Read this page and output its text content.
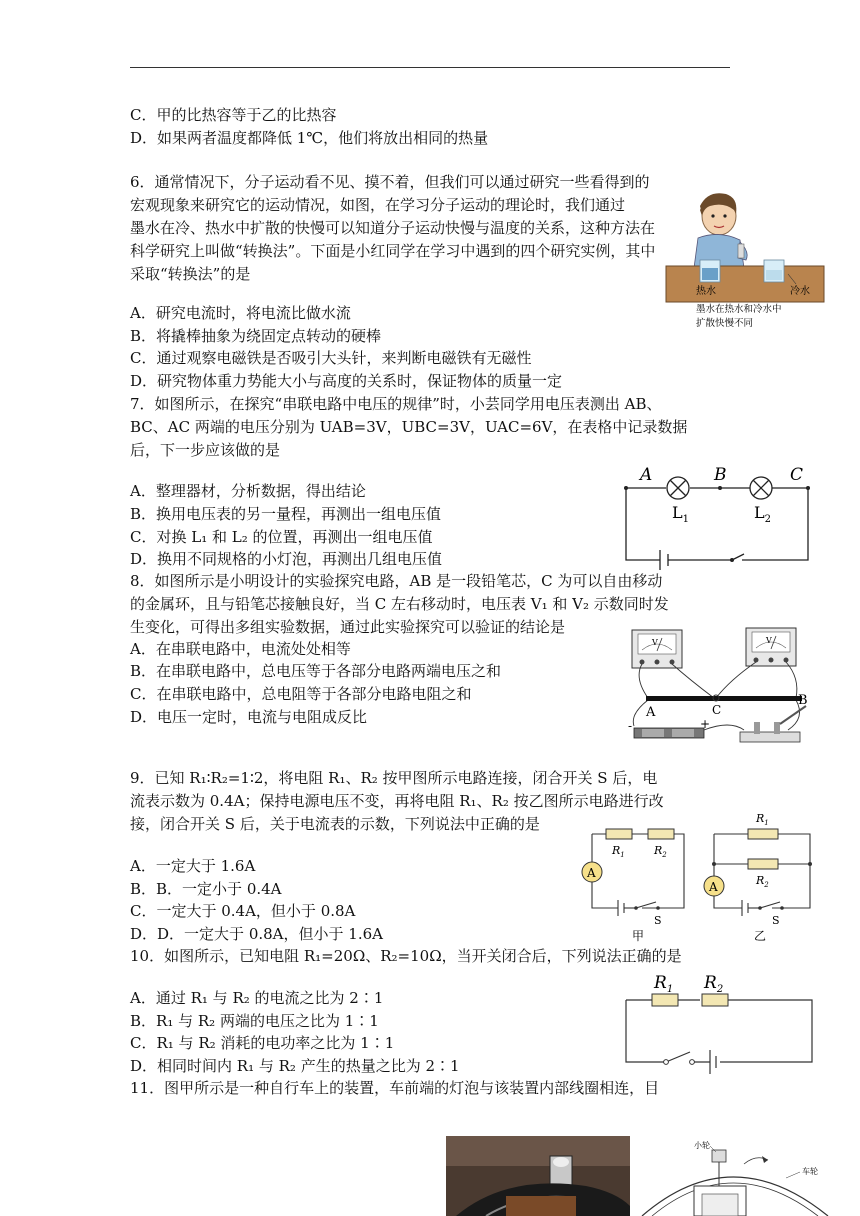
C．甲的比热容等于乙的比热容
D．如果两者温度都降低 1℃，他们将放出相同的热量
6．通常情况下，分子运动看不见、摸不着，但我们可以通过研究一些看得到的
宏观现象来研究它的运动情况，如图，在学习分子运动的理论时，我们通过
墨水在冷、热水中扩散的快慢可以知道分子运动快慢与温度的关系，这种方法在
科学研究上叫做“转换法”。下面是小红同学在学习中遇到的四个研究实例，其中
采取“转换法”的是
A．研究电流时，将电流比做水流
B．将撬棒抽象为绕固定点转动的硬棒
C．通过观察电磁铁是否吸引大头针，来判断电磁铁有无磁性
D．研究物体重力势能大小与高度的关系时，保证物体的质量一定
7．如图所示，在探究“串联电路中电压的规律”时，小芸同学用电压表测出 AB、
BC、AC 两端的电压分别为 UAB=3V，UBC=3V，UAC=6V，在表格中记录数据
后，下一步应该做的是
A．整理器材，分析数据，得出结论
B．换用电压表的另一量程，再测出一组电压值
C．对换 L₁ 和 L₂ 的位置，再测出一组电压值
D．换用不同规格的小灯泡，再测出几组电压值
8．如图所示是小明设计的实验探究电路，AB 是一段铅笔芯，C 为可以自由移动
的金属环，且与铅笔芯接触良好，当 C 左右移动时，电压表 V₁ 和 V₂ 示数同时发
生变化，可得出多组实验数据，通过此实验探究可以验证的结论是
A．在串联电路中，电流处处相等
B．在串联电路中，总电压等于各部分电路两端电压之和
C．在串联电路中，总电阻等于各部分电路电阻之和
D．电压一定时，电流与电阻成反比
9．已知 R₁∶R₂=1∶2，将电阻 R₁、R₂ 按甲图所示电路连接，闭合开关 S 后，电
流表示数为 0.4A；保持电源电压不变，再将电阻 R₁、R₂ 按乙图所示电路进行改
接，闭合开关 S 后，关于电流表的示数，下列说法中正确的是
A．一定大于 1.6A
B．B．一定小于 0.4A
C．一定大于 0.4A，但小于 0.8A
D．D．一定大于 0.8A，但小于 1.6A
10．如图所示，已知电阻 R₁=20Ω、R₂=10Ω，当开关闭合后，下列说法正确的是
A．通过 R₁ 与 R₂ 的电流之比为 2∶1
B．R₁ 与 R₂ 两端的电压之比为 1∶1
C．R₁ 与 R₂ 消耗的电功率之比为 1∶1
D．相同时间内 R₁ 与 R₂ 产生的热量之比为 2∶1
11．图甲所示是一种自行车上的装置，车前端的灯泡与该装置内部线圈相连，目
热水	冷水
墨水在热水和冷水中
扩散快慢不同
A	B	C
$L_1$	$L_2$
V	V
B
A	C
-	+
A
$R_1$	$R_2$
S
甲
A
$R_1$
$R_2$
S
乙
$R_1$ $R_2$
小轮
车轮
